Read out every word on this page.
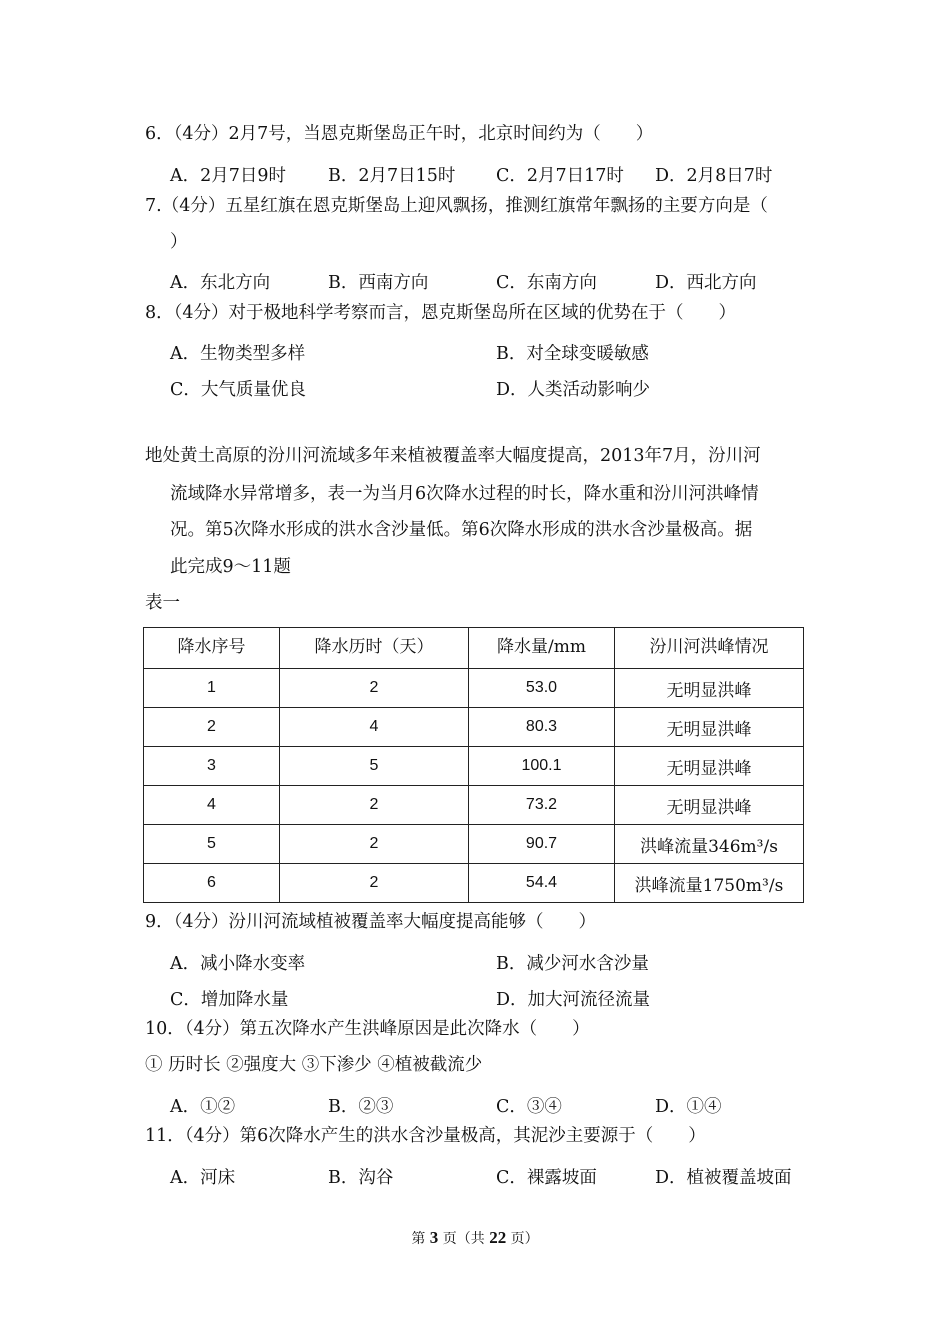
6．（4分）2月7号，当恩克斯堡岛正午时，北京时间约为（　　）
A．2月7日9时 B．2月7日15时 C．2月7日17时 D．2月8日7时
7.（4分）五星红旗在恩克斯堡岛上迎风飘扬，推测红旗常年飘扬的主要方向是（
）
A．东北方向	B．西南方向	C．东南方向	D．西北方向
8．（4分）对于极地科学考察而言，恩克斯堡岛所在区域的优势在于（　　）
A．生物类型多样	B．对全球变暖敏感
C．大气质量优良	D．人类活动影响少
地处黄土高原的汾川河流域多年来植被覆盖率大幅度提高，2013年7月，汾川河
流域降水异常增多，表一为当月6次降水过程的时长，降水重和汾川河洪峰情
况。第5次降水形成的洪水含沙量低。第6次降水形成的洪水含沙量极高。据
此完成9～11题
表一
降水序号	降水历时（天）	降水量/mm	汾川河洪峰情况
1	2	53.0	无明显洪峰
2	4	80.3	无明显洪峰
3	5	100.1	无明显洪峰
4	2	73.2	无明显洪峰
5	2	90.7	洪峰流量346m³/s
6	2	54.4	洪峰流量1750m³/s
9．（4分）汾川河流域植被覆盖率大幅度提高能够（　　）
A．减小降水变率	B．减少河水含沙量
C．增加降水量	D．加大河流径流量
10．（4分）第五次降水产生洪峰原因是此次降水（　　）
① 历时长 ②强度大 ③下渗少 ④植被截流少
A．①②	B．②③	C．③④	D．①④
11．（4分）第6次降水产生的洪水含沙量极高，其泥沙主要源于（　　）
A．河床	B．沟谷	C．裸露坡面	D．植被覆盖坡面
第 3 页（共 22 页）
